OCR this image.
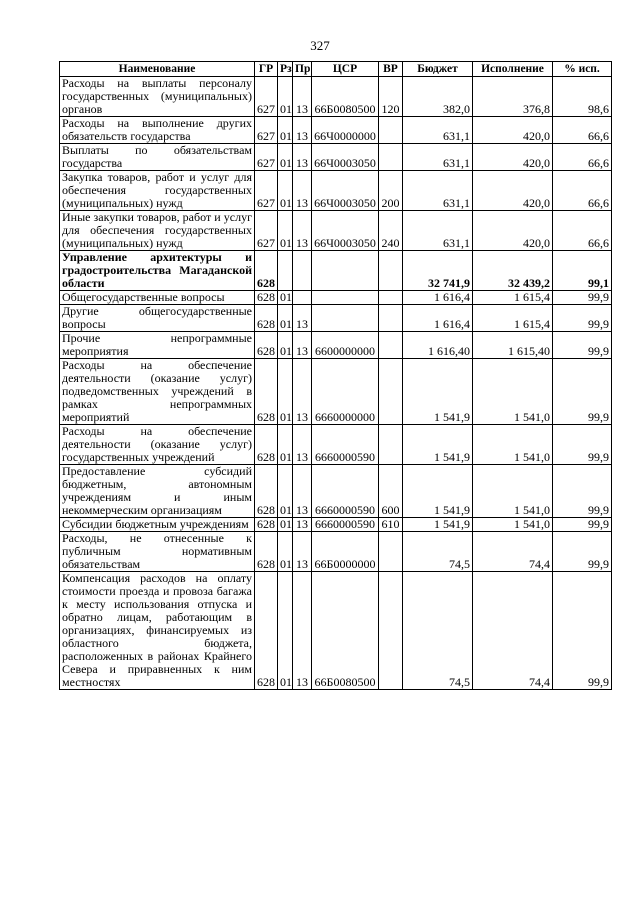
327
Наименование	ГР	Рз	Пр	ЦСР	ВР	Бюджет	Исполнение	% исп.
Расходы на выплаты персоналу государственных (муниципальных) органов	627	01	13	66Б0080500	120	382,0	376,8	98,6
Расходы на выполнение других обязательств государства	627	01	13	66Ч0000000		631,1	420,0	66,6
Выплаты по обязательствам государства	627	01	13	66Ч0003050		631,1	420,0	66,6
Закупка товаров, работ и услуг для обеспечения государственных (муниципальных) нужд	627	01	13	66Ч0003050	200	631,1	420,0	66,6
Иные закупки товаров, работ и услуг для обеспечения государственных (муниципальных) нужд	627	01	13	66Ч0003050	240	631,1	420,0	66,6
Управление архитектуры и градостроительства Магаданской области	628					32 741,9	32 439,2	99,1
Общегосударственные вопросы	628	01				1 616,4	1 615,4	99,9
Другие общегосударственные вопросы	628	01	13			1 616,4	1 615,4	99,9
Прочие непрограммные мероприятия	628	01	13	6600000000		1 616,40	1 615,40	99,9
Расходы на обеспечение деятельности (оказание услуг) подведомственных учреждений в рамках непрограммных мероприятий	628	01	13	6660000000		1 541,9	1 541,0	99,9
Расходы на обеспечение деятельности (оказание услуг) государственных учреждений	628	01	13	6660000590		1 541,9	1 541,0	99,9
Предоставление субсидий бюджетным, автономным учреждениям и иным некоммерческим организациям	628	01	13	6660000590	600	1 541,9	1 541,0	99,9
Субсидии бюджетным учреждениям	628	01	13	6660000590	610	1 541,9	1 541,0	99,9
Расходы, не отнесенные к публичным нормативным обязательствам	628	01	13	66Б0000000		74,5	74,4	99,9
Компенсация расходов на оплату стоимости проезда и провоза багажа к месту использования отпуска и обратно лицам, работающим в организациях, финансируемых из областного бюджета, расположенных в районах Крайнего Севера и приравненных к ним местностях	628	01	13	66Б0080500		74,5	74,4	99,9
